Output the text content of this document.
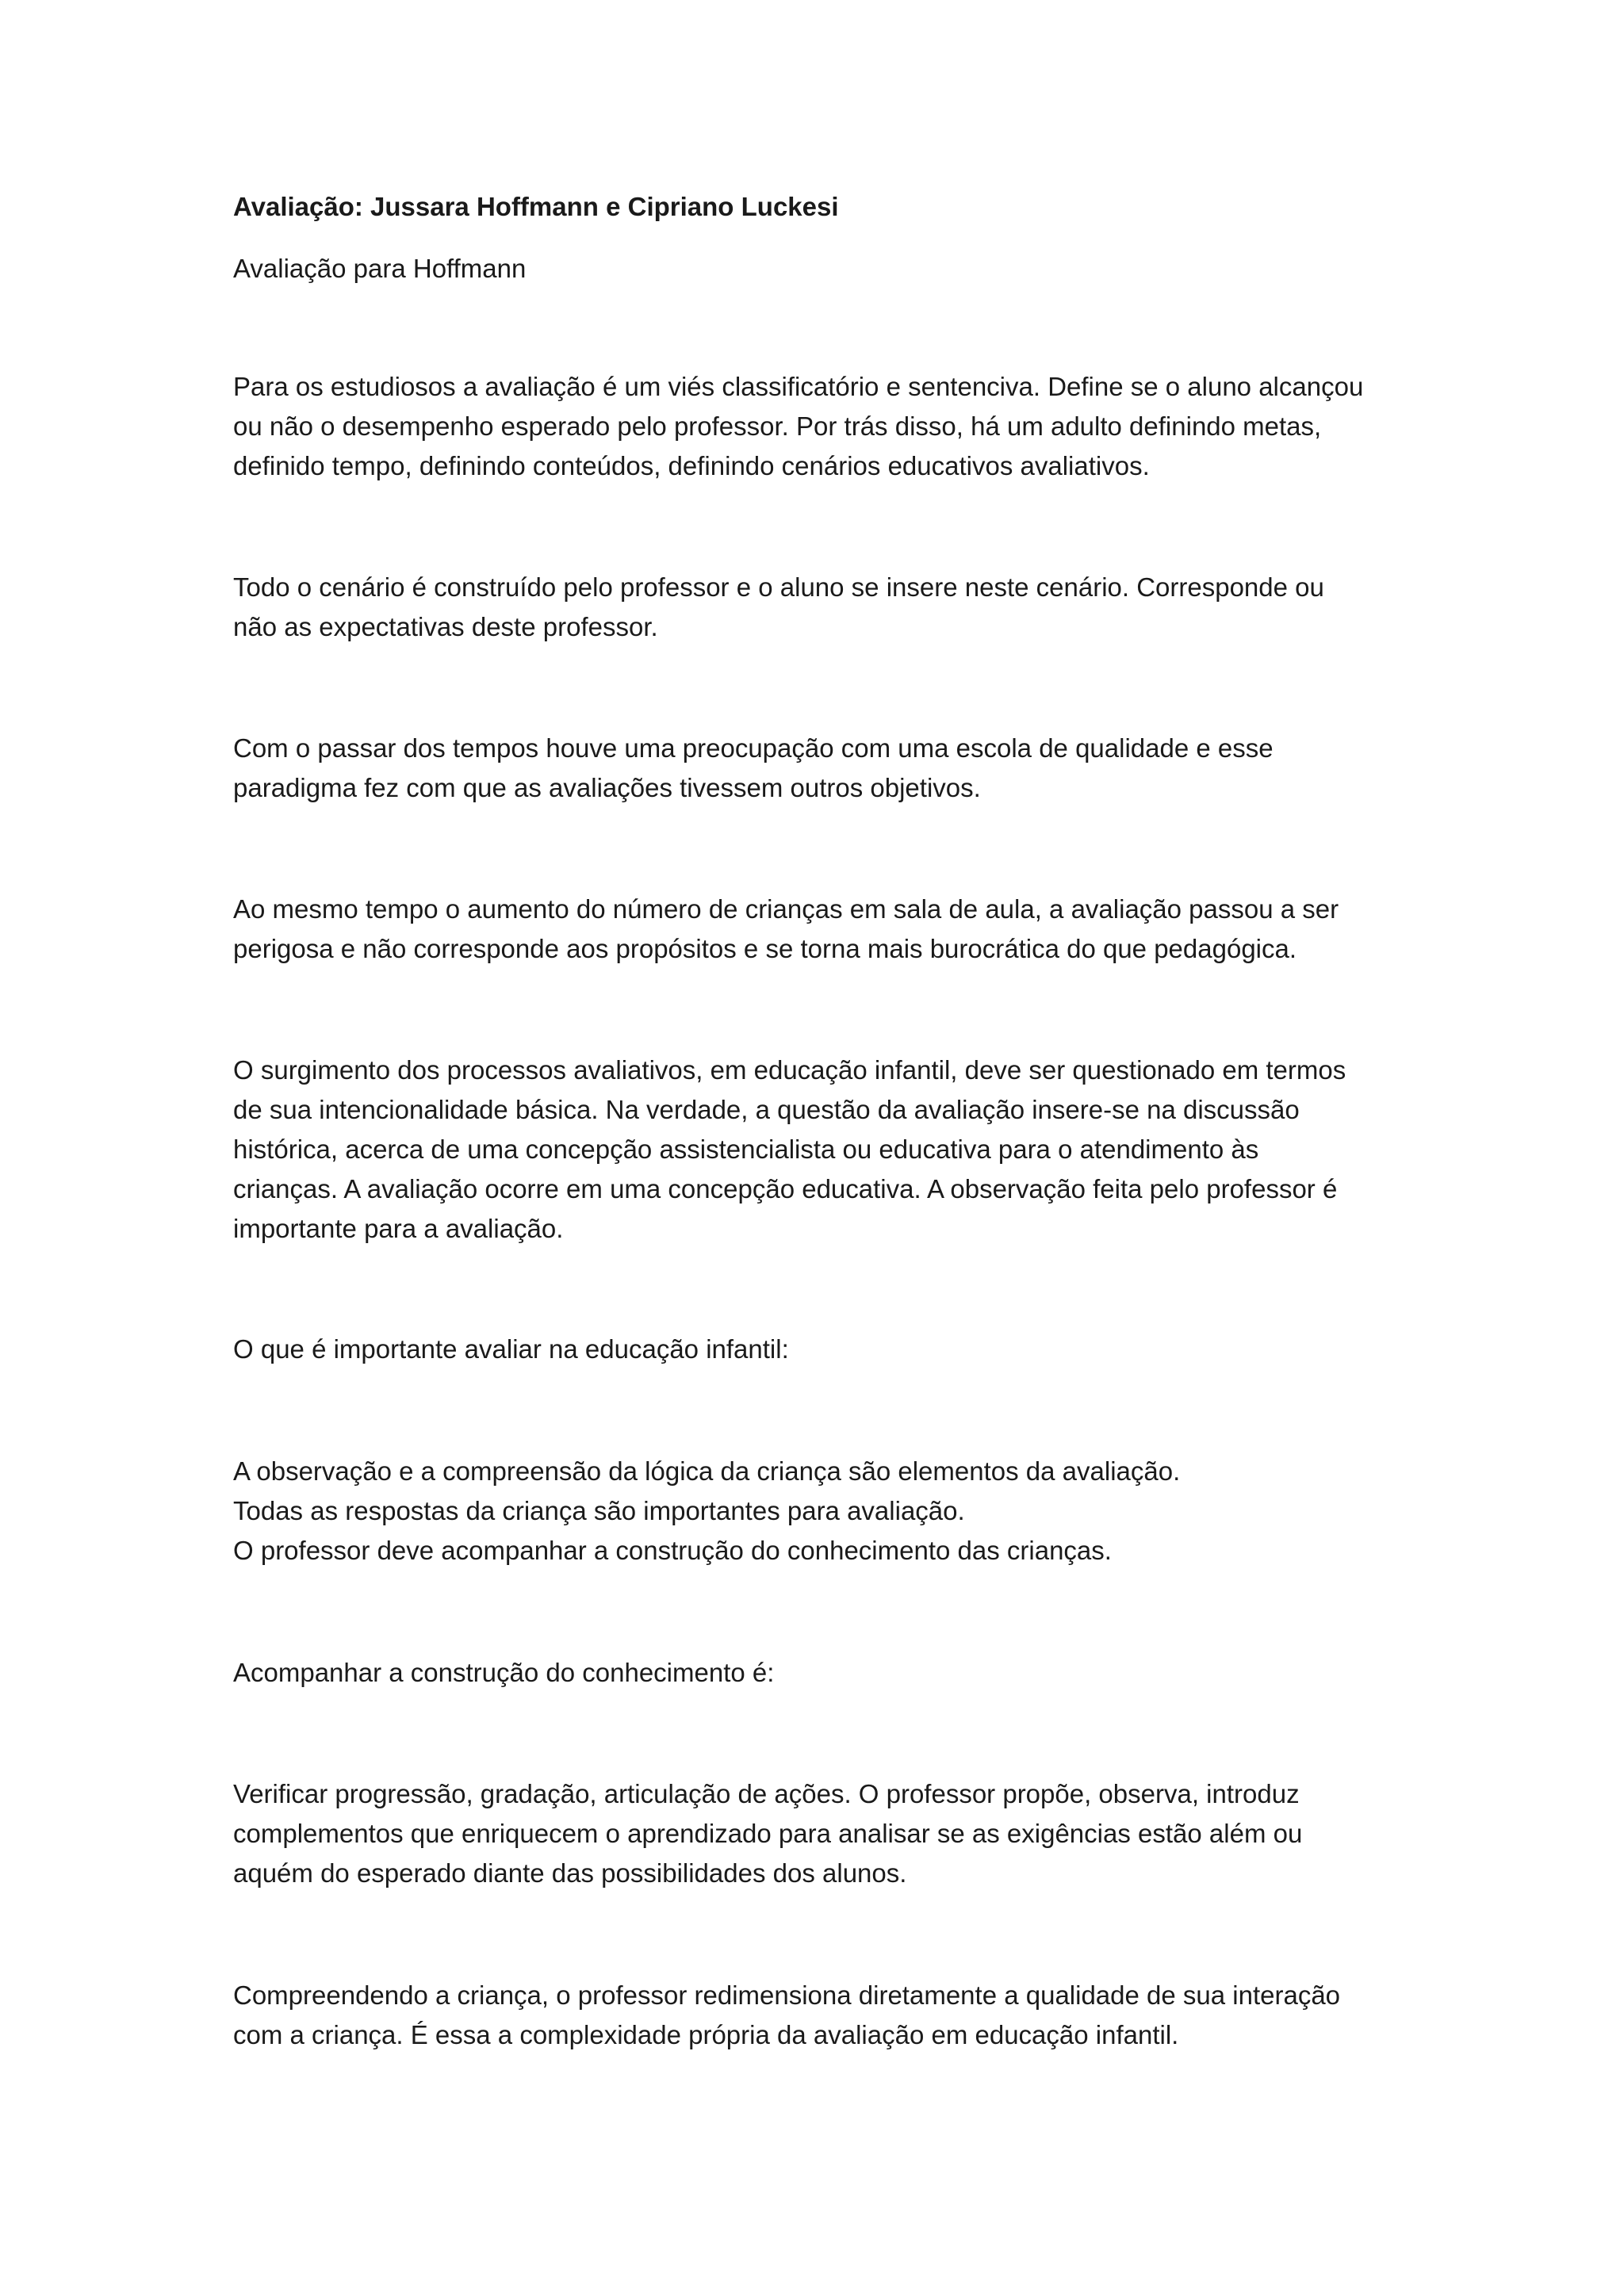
Avaliação: Jussara Hoffmann e Cipriano Luckesi

Avaliação para Hoffmann

Para os estudiosos a avaliação é um viés classificatório e sentenciva. Define se o aluno alcançou
ou não o desempenho esperado pelo professor. Por trás disso, há um adulto definindo metas,
definido tempo, definindo conteúdos, definindo cenários educativos avaliativos.
Todo o cenário é construído pelo professor e o aluno se insere neste cenário. Corresponde ou
não as expectativas deste professor.
Com o passar dos tempos houve uma preocupação com uma escola de qualidade e esse
paradigma fez com que as avaliações tivessem outros objetivos.
Ao mesmo tempo o aumento do número de crianças em sala de aula, a avaliação passou a ser
perigosa e não corresponde aos propósitos e se torna mais burocrática do que pedagógica.
O surgimento dos processos avaliativos, em educação infantil, deve ser questionado em termos
de sua intencionalidade básica. Na verdade, a questão da avaliação insere-se na discussão
histórica, acerca de uma concepção assistencialista ou educativa para o atendimento às
crianças. A avaliação ocorre em uma concepção educativa. A observação feita pelo professor é
importante para a avaliação.
O que é importante avaliar na educação infantil:
A observação e a compreensão da lógica da criança são elementos da avaliação.
Todas as respostas da criança são importantes para avaliação.
O professor deve acompanhar a construção do conhecimento das crianças.
Acompanhar a construção do conhecimento é:
Verificar progressão, gradação, articulação de ações. O professor propõe, observa, introduz
complementos que enriquecem o aprendizado para analisar se as exigências estão além ou
aquém do esperado diante das possibilidades dos alunos.
Compreendendo a criança, o professor redimensiona diretamente a qualidade de sua interação
com a criança. É essa a complexidade própria da avaliação em educação infantil.
